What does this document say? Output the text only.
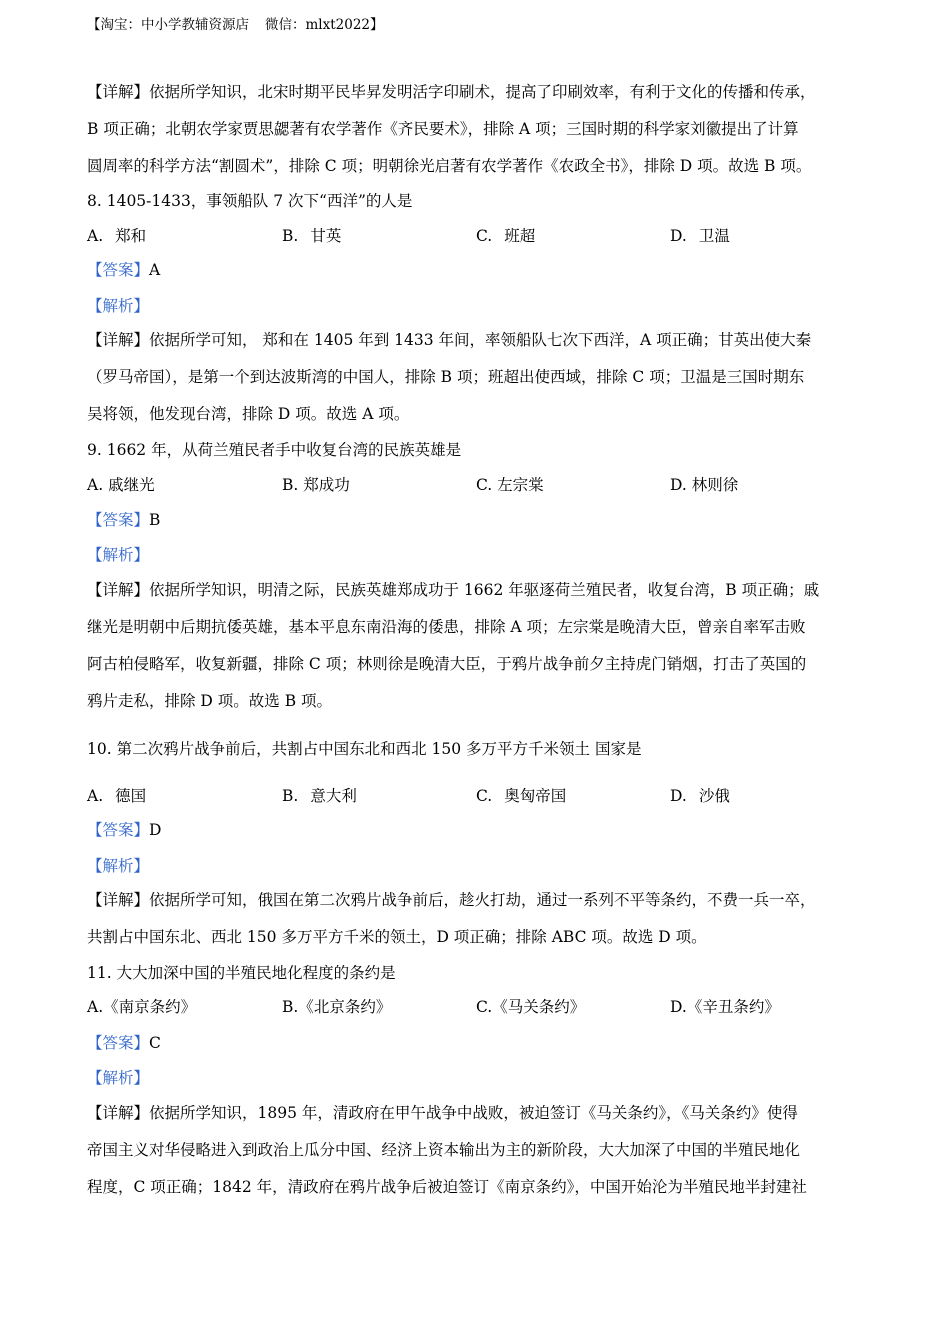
【淘宝：中小学教辅资源店 微信：mlxt2022】
【详解】依据所学知识，北宋时期平民毕昇发明活字印刷术，提高了印刷效率，有利于文化的传播和传承，
B 项正确；北朝农学家贾思勰著有农学著作《齐民要术》，排除 A 项；三国时期的科学家刘徽提出了计算
圆周率的科学方法“割圆术”，排除 C 项；明朝徐光启著有农学著作《农政全书》，排除 D 项。故选 B 项。
8. 1405-1433，事领船队 7 次下“西洋”的人是
A. 郑和	B. 甘英	C. 班超	D. 卫温
【答案】A
【解析】
【详解】依据所学可知， 郑和在 1405 年到 1433 年间，率领船队七次下西洋，A 项正确；甘英出使大秦
（罗马帝国），是第一个到达波斯湾的中国人，排除 B 项；班超出使西域，排除 C 项；卫温是三国时期东
吴将领，他发现台湾，排除 D 项。故选 A 项。
9. 1662 年，从荷兰殖民者手中收复台湾的民族英雄是
A. 戚继光	B. 郑成功	C. 左宗棠	D. 林则徐
【答案】B
【解析】
【详解】依据所学知识，明清之际，民族英雄郑成功于 1662 年驱逐荷兰殖民者，收复台湾，B 项正确；戚
继光是明朝中后期抗倭英雄，基本平息东南沿海的倭患，排除 A 项；左宗棠是晚清大臣，曾亲自率军击败
阿古柏侵略军，收复新疆，排除 C 项；林则徐是晚清大臣，于鸦片战争前夕主持虎门销烟，打击了英国的
鸦片走私，排除 D 项。故选 B 项。
10. 第二次鸦片战争前后，共割占中国东北和西北 150 多万平方千米领土 国家是
A. 德国	B. 意大利	C. 奥匈帝国	D. 沙俄
【答案】D
【解析】
【详解】依据所学可知，俄国在第二次鸦片战争前后，趁火打劫，通过一系列不平等条约，不费一兵一卒，
共割占中国东北、西北 150 多万平方千米的领土，D 项正确；排除 ABC 项。故选 D 项。
11. 大大加深中国的半殖民地化程度的条约是
A.《南京条约》	B.《北京条约》	C.《马关条约》	D.《辛丑条约》
【答案】C
【解析】
【详解】依据所学知识，1895 年，清政府在甲午战争中战败，被迫签订《马关条约》，《马关条约》使得
帝国主义对华侵略进入到政治上瓜分中国、经济上资本输出为主的新阶段，大大加深了中国的半殖民地化
程度，C 项正确；1842 年，清政府在鸦片战争后被迫签订《南京条约》，中国开始沦为半殖民地半封建社
